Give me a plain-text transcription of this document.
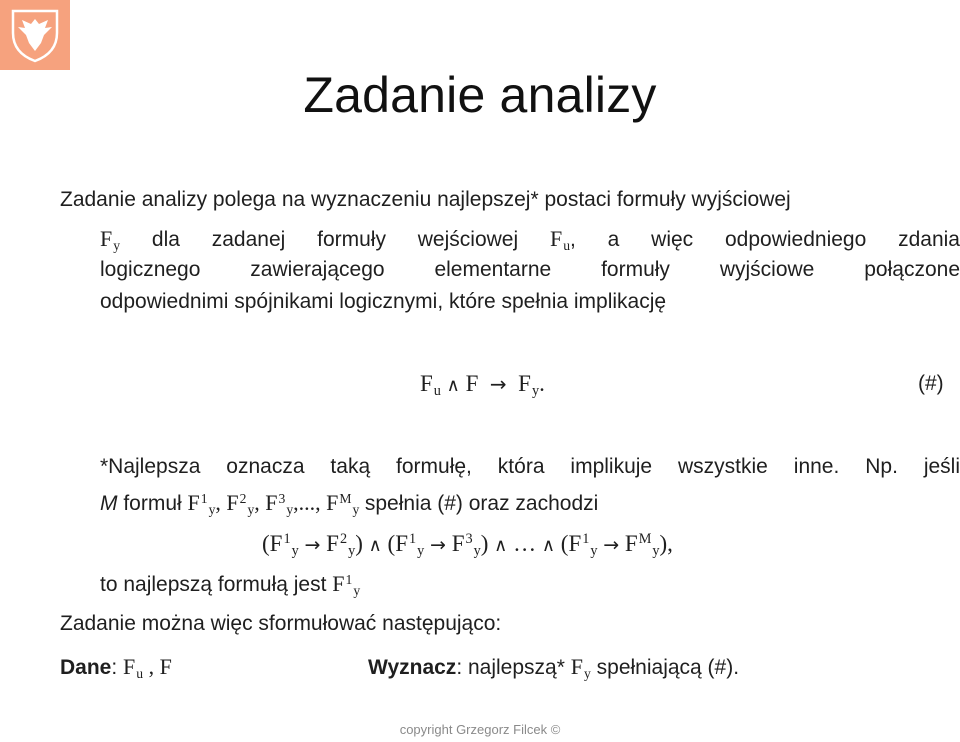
Zadanie analizy
Zadanie analizy polega na wyznaczeniu najlepszej* postaci formuły wyjściowej
Fy dla zadanej formuły wejściowej Fu, a więc odpowiedniego zdania
logicznego zawierającego elementarne formuły wyjściowe połączone
odpowiednimi spójnikami logicznymi, które spełnia implikację
Fu ∧ F → Fy.	(#)
*Najlepsza oznacza taką formułę, która implikuje wszystkie inne. Np. jeśli
M formuł $F^1y$, $F^2y$, $F^3y$,..., $F^My$ spełnia (#) oraz zachodzi
$(F^1y \to F^2y)$ ∧ $(F^1y \to F^3y)$ ∧ … ∧ $(F^1y \to F^My)$,
to najlepszą formułą jest $F^1y$
Zadanie można więc sformułować następująco:
Dane: Fu , F	Wyznacz: najlepszą* Fy spełniającą (#).
copyright Grzegorz Filcek ©
